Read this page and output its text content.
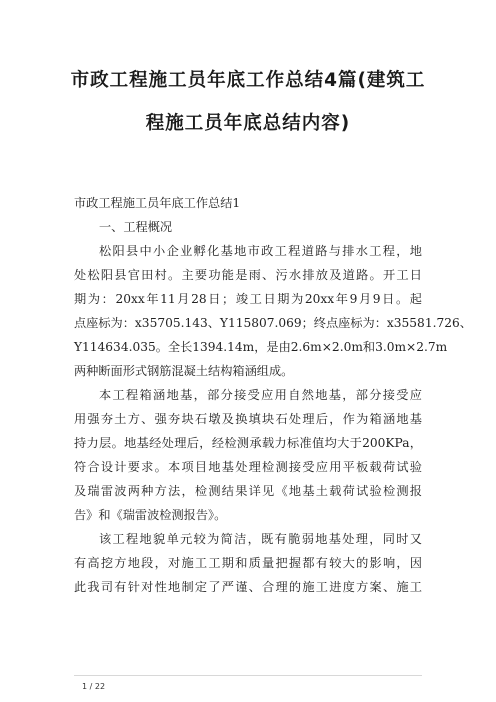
市政工程施工员年底工作总结4篇(建筑工
程施工员年底总结内容)
市政工程施工员年底工作总结1
一、工程概况
松阳县中小企业孵化基地市政工程道路与排水工程，地
处松阳县官田村。主要功能是雨、污水排放及道路。开工日
期为：20xx年11月28日；竣工日期为20xx年9月9日。起
点座标为：x35705.143、Y115807.069；终点座标为：x35581.726、
Y114634.035。全长1394.14m，是由2.6m×2.0m和3.0m×2.7m
两种断面形式钢筋混凝土结构箱涵组成。
本工程箱涵地基，部分接受应用自然地基，部分接受应
用强夯土方、强夯块石墩及换填块石处理后，作为箱涵地基
持力层。地基经处理后，经检测承载力标准值均大于200KPa，
符合设计要求。本项目地基处理检测接受应用平板载荷试验
及瑞雷波两种方法，检测结果详见《地基土载荷试验检测报
告》和《瑞雷波检测报告》。
该工程地貌单元较为简洁，既有脆弱地基处理，同时又
有高挖方地段，对施工工期和质量把握都有较大的影响，因
此我司有针对性地制定了严谨、合理的施工进度方案、施工
1 / 22
